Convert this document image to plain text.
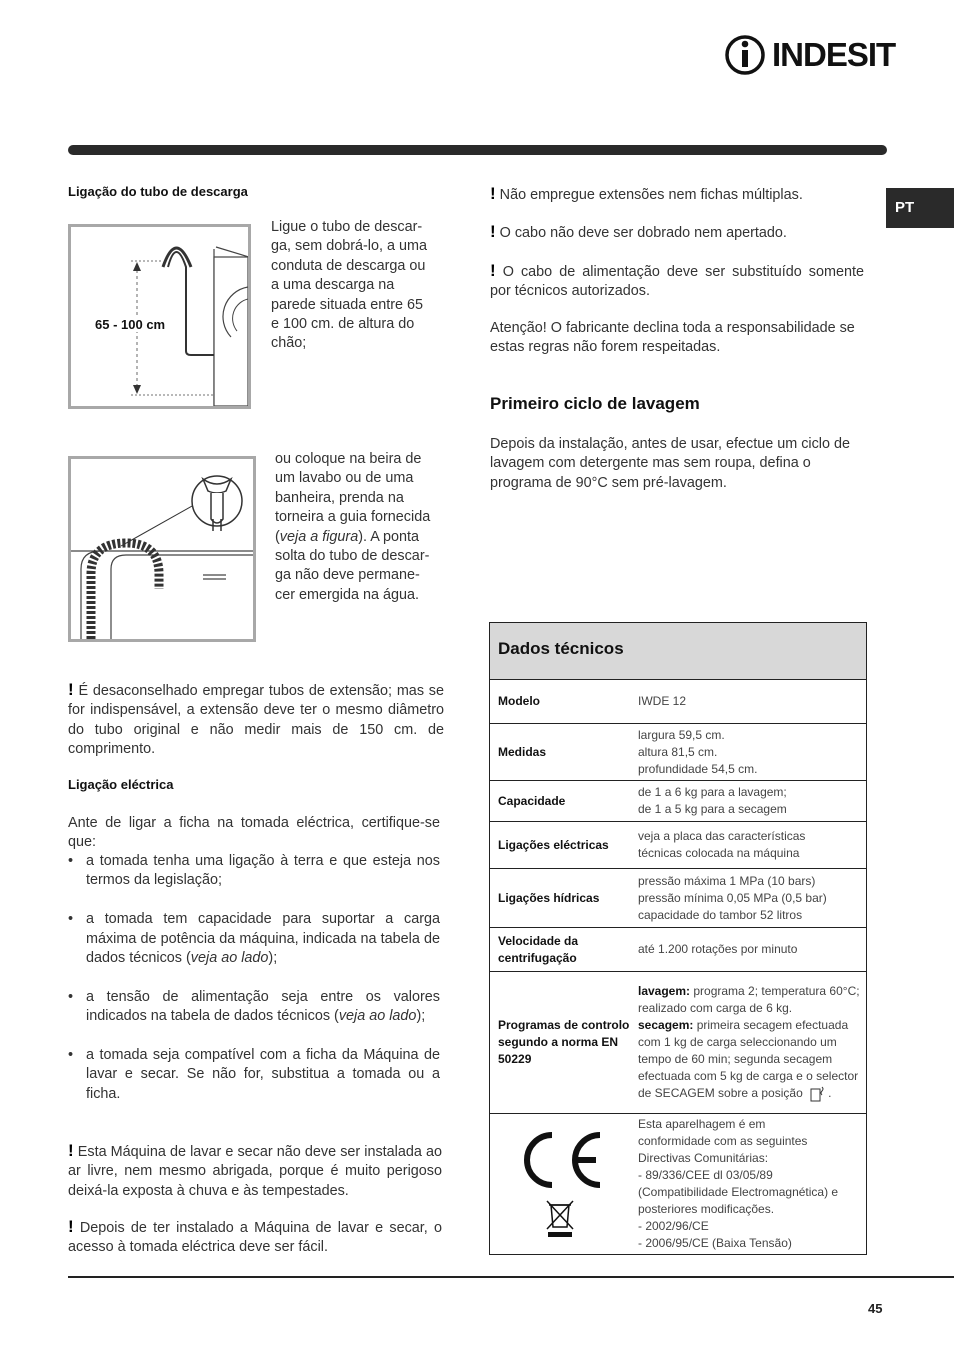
INDESIT
PT
Ligação do tubo de descarga
65 - 100 cm
Ligue o tubo de descar-
ga, sem dobrá-lo, a uma
conduta de descarga ou
a uma descarga na
parede situada entre 65
e 100 cm. de altura do
chão;
ou coloque na beira de
um lavabo ou de uma
banheira, prenda na
torneira a guia fornecida
(veja a figura). A ponta
solta do tubo de descar-
ga não deve permane-
cer emergida na água.
! É desaconselhado empregar tubos de extensão; mas se for indispensável, a extensão deve ter o mesmo diâmetro do tubo original e não medir mais de 150 cm. de comprimento.
Ligação eléctrica
Ante de ligar a ficha na tomada eléctrica, certifique-se que:
• a tomada tenha uma ligação à terra e que esteja nos termos da legislação;
• a tomada tem capacidade para suportar a carga máxima de potência da máquina, indicada na tabela de dados técnicos (veja ao lado);
• a tensão de alimentação seja entre os valores indicados na tabela de dados técnicos (veja ao lado);
• a tomada seja compatível com a ficha da Máquina de lavar e secar. Se não for, substitua a tomada ou a ficha.
! Esta Máquina de lavar e secar não deve ser instalada ao ar livre, nem mesmo abrigada, porque é muito perigoso deixá-la exposta à chuva e às tempestades.
! Depois de ter instalado a Máquina de lavar e secar, o acesso à tomada eléctrica deve ser fácil.
! Não empregue extensões nem fichas múltiplas.
! O cabo não deve ser dobrado nem apertado.
! O cabo de alimentação deve ser substituído somente por técnicos autorizados.
Atenção! O fabricante declina toda a responsabilidade se estas regras não forem respeitadas.
Primeiro ciclo de lavagem
Depois da instalação, antes de usar, efectue um ciclo de lavagem com detergente mas sem roupa, defina o programa de 90°C sem pré-lavagem.
Dados técnicos
Modelo	IWDE 12
Medidas
largura 59,5 cm.
altura 81,5 cm.
profundidade 54,5 cm.
Capacidade
de 1 a 6 kg para a lavagem;
de 1 a 5 kg para a secagem
Ligações eléctricas
veja a placa das características
técnicas colocada na máquina
Ligações hídricas
pressão máxima 1 MPa (10 bars)
pressão mínima 0,05 MPa (0,5 bar)
capacidade do tambor 52 litros
Velocidade da centrifugação
até 1.200 rotações por minuto
Programas de controlo segundo a norma EN 50229
lavagem: programa 2; temperatura 60°C; realizado com carga de 6 kg.
secagem: primeira secagem efectuada com 1 kg de carga seleccionando um tempo de 60 min; segunda secagem efectuada com 5 kg de carga e o selector de SECAGEM sobre a posição .
Esta aparelhagem é em
conformidade com as seguintes
Directivas Comunitárias:
- 89/336/CEE dl 03/05/89
(Compatibilidade Electromagnética) e
posteriores modificações.
- 2002/96/CE
- 2006/95/CE (Baixa Tensão)
45
